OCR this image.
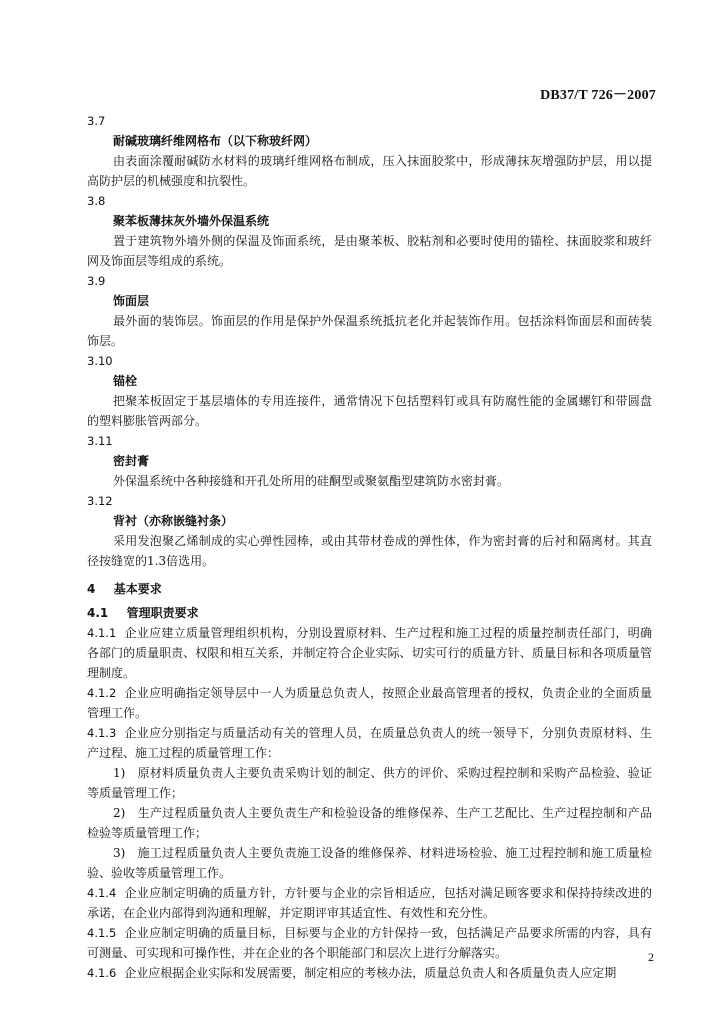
DB37/T 726－2007
3.7
耐碱玻璃纤维网格布（以下称玻纤网）
由表面涂覆耐碱防水材料的玻璃纤维网格布制成，压入抹面胶浆中，形成薄抹灰增强防护层，用以提高防护层的机械强度和抗裂性。
3.8
聚苯板薄抹灰外墙外保温系统
置于建筑物外墙外侧的保温及饰面系统，是由聚苯板、胶粘剂和必要时使用的锚栓、抹面胶浆和玻纤网及饰面层等组成的系统。
3.9
饰面层
最外面的装饰层。饰面层的作用是保护外保温系统抵抗老化并起装饰作用。包括涂料饰面层和面砖装饰层。
3.10
锚栓
把聚苯板固定于基层墙体的专用连接件，通常情况下包括塑料钉或具有防腐性能的金属螺钉和带圆盘的塑料膨胀管两部分。
3.11
密封膏
外保温系统中各种接缝和开孔处所用的硅酮型或聚氨酯型建筑防水密封膏。
3.12
背衬（亦称嵌缝衬条）
采用发泡聚乙烯制成的实心弹性园棒，或由其带材卷成的弹性体，作为密封膏的后衬和隔离材。其直径按缝宽的1.3倍选用。
4 基本要求
4.1 管理职责要求
4.1.1 企业应建立质量管理组织机构，分别设置原材料、生产过程和施工过程的质量控制责任部门，明确各部门的质量职责、权限和相互关系，并制定符合企业实际、切实可行的质量方针、质量目标和各项质量管理制度。
4.1.2 企业应明确指定领导层中一人为质量总负责人，按照企业最高管理者的授权，负责企业的全面质量管理工作。
4.1.3 企业应分别指定与质量活动有关的管理人员，在质量总负责人的统一领导下，分别负责原材料、生产过程、施工过程的质量管理工作：
1) 原材料质量负责人主要负责采购计划的制定、供方的评价、采购过程控制和采购产品检验、验证等质量管理工作；
2) 生产过程质量负责人主要负责生产和检验设备的维修保养、生产工艺配比、生产过程控制和产品检验等质量管理工作；
3) 施工过程质量负责人主要负责施工设备的维修保养、材料进场检验、施工过程控制和施工质量检验、验收等质量管理工作。
4.1.4 企业应制定明确的质量方针，方针要与企业的宗旨相适应，包括对满足顾客要求和保持持续改进的承诺，在企业内部得到沟通和理解，并定期评审其适宜性、有效性和充分性。
4.1.5 企业应制定明确的质量目标，目标要与企业的方针保持一致，包括满足产品要求所需的内容，具有可测量、可实现和可操作性，并在企业的各个职能部门和层次上进行分解落实。
4.1.6 企业应根据企业实际和发展需要，制定相应的考核办法，质量总负责人和各质量负责人应定期
2
